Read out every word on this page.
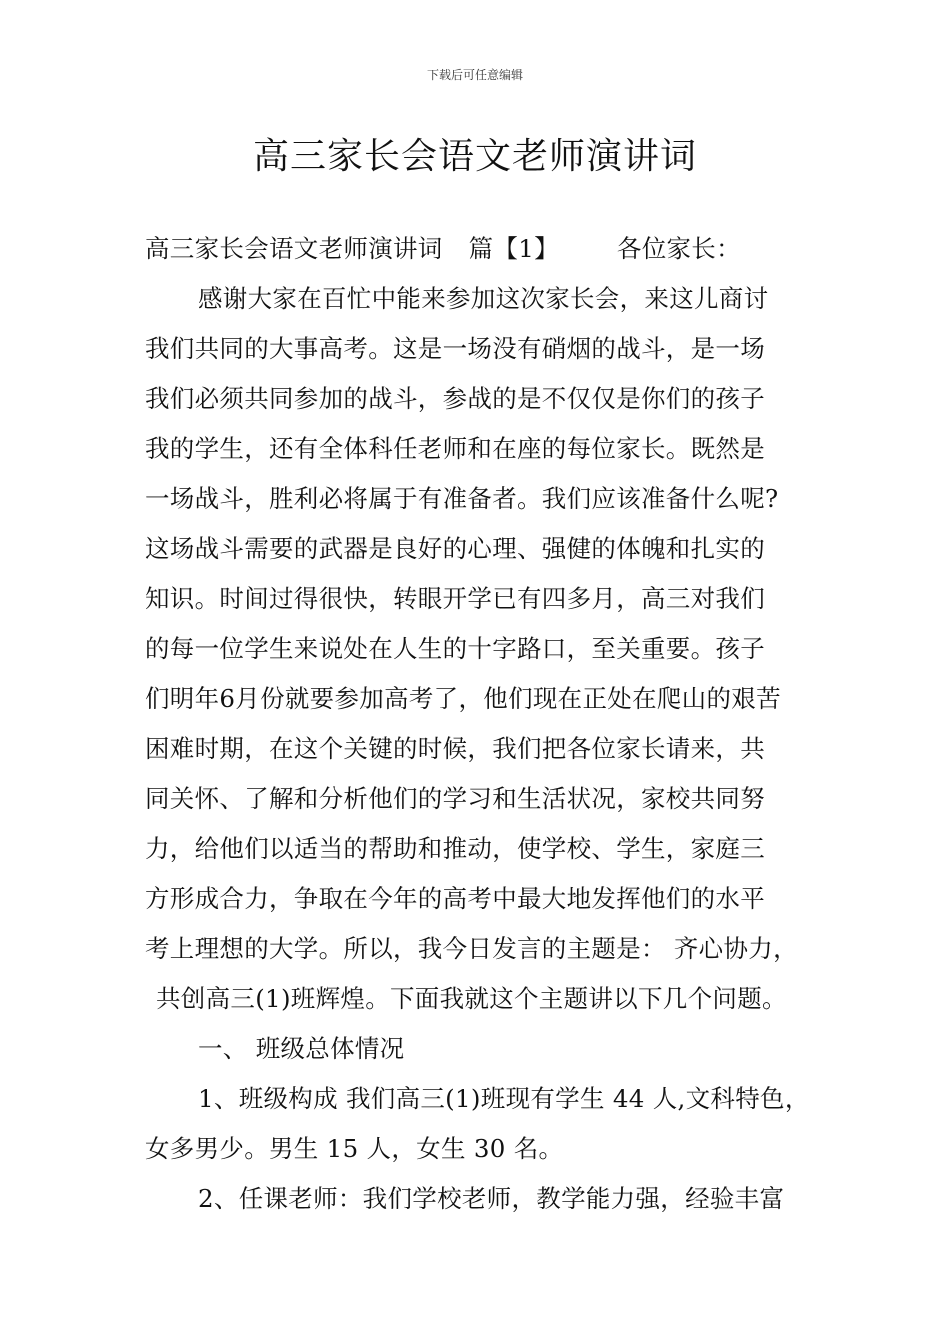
下载后可任意编辑
高三家长会语文老师演讲词
高三家长会语文老师演讲词 篇【1】 各位家长：
感谢大家在百忙中能来参加这次家长会，来这儿商讨
我们共同的大事高考。这是一场没有硝烟的战斗，是一场
我们必须共同参加的战斗，参战的是不仅仅是你们的孩子
我的学生，还有全体科任老师和在座的每位家长。既然是
一场战斗，胜利必将属于有准备者。我们应该准备什么呢?
这场战斗需要的武器是良好的心理、强健的体魄和扎实的
知识。时间过得很快，转眼开学已有四多月，高三对我们
的每一位学生来说处在人生的十字路口，至关重要。孩子
们明年6月份就要参加高考了，他们现在正处在爬山的艰苦
困难时期，在这个关键的时候，我们把各位家长请来，共
同关怀、了解和分析他们的学习和生活状况，家校共同努
力，给他们以适当的帮助和推动，使学校、学生，家庭三
方形成合力，争取在今年的高考中最大地发挥他们的水平
考上理想的大学。所以，我今日发言的主题是： 齐心协力，
共创高三(1)班辉煌。下面我就这个主题讲以下几个问题。
一、 班级总体情况
1、班级构成 我们高三(1)班现有学生 44 人,文科特色，
女多男少。男生 15 人，女生 30 名。
2、任课老师：我们学校老师，教学能力强，经验丰富
